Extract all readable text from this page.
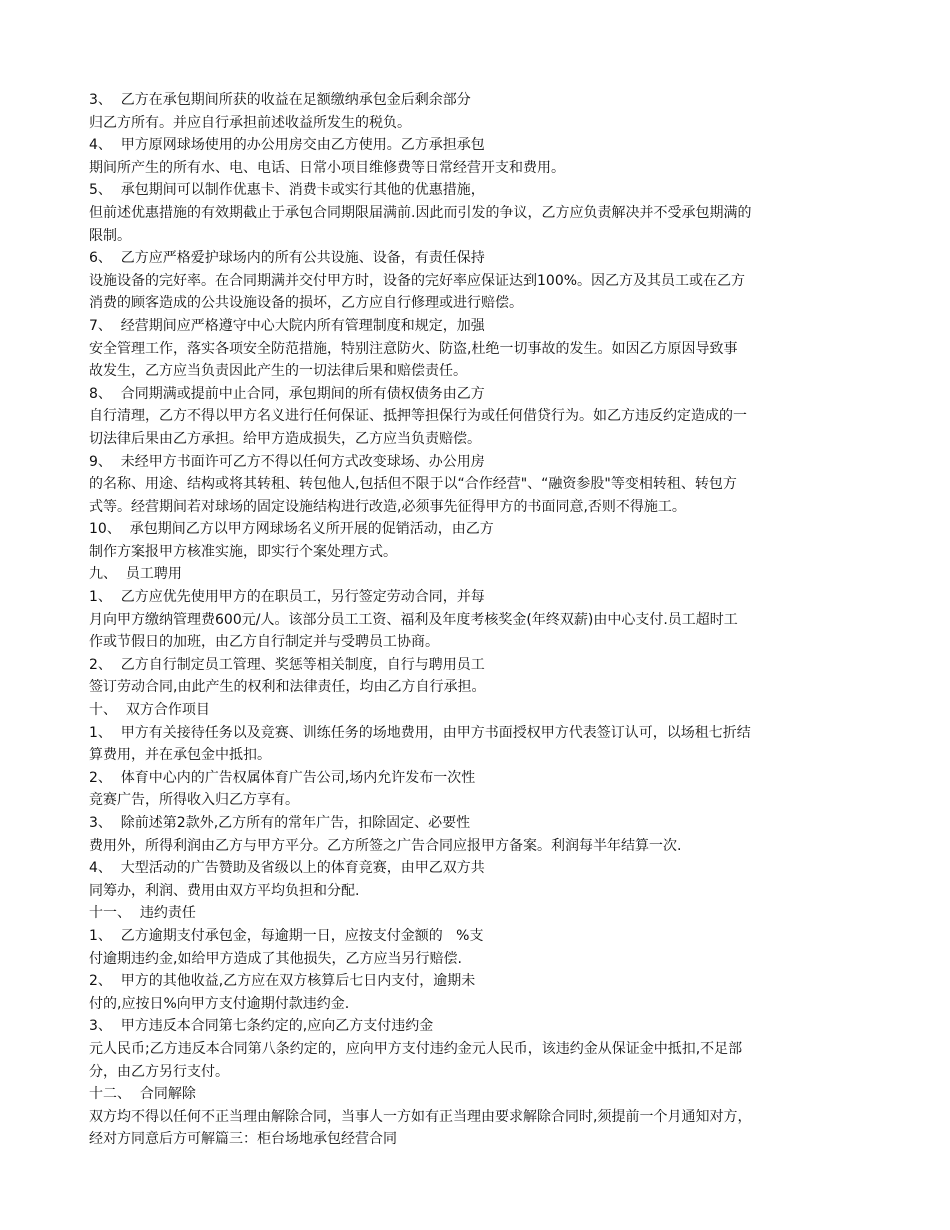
3、  乙方在承包期间所获的收益在足额缴纳承包金后剩余部分

归乙方所有。并应自行承担前述收益所发生的税负。

4、  甲方原网球场使用的办公用房交由乙方使用。乙方承担承包

期间所产生的所有水、电、电话、日常小项目维修费等日常经营开支和费用。

5、  承包期间可以制作优惠卡、消费卡或实行其他的优惠措施，

但前述优惠措施的有效期截止于承包合同期限届满前.因此而引发的争议，乙方应负责解决并不受承包期满的

限制。

6、  乙方应严格爱护球场内的所有公共设施、设备，有责任保持

设施设备的完好率。在合同期满并交付甲方时，设备的完好率应保证达到100%。因乙方及其员工或在乙方

消费的顾客造成的公共设施设备的损坏，乙方应自行修理或进行赔偿。

7、  经营期间应严格遵守中心大院内所有管理制度和规定，加强

安全管理工作，落实各项安全防范措施，特别注意防火、防盗,杜绝一切事故的发生。如因乙方原因导致事

故发生，乙方应当负责因此产生的一切法律后果和赔偿责任。

8、  合同期满或提前中止合同，承包期间的所有债权债务由乙方

自行清理，乙方不得以甲方名义进行任何保证、抵押等担保行为或任何借贷行为。如乙方违反约定造成的一

切法律后果由乙方承担。给甲方造成损失，乙方应当负责赔偿。

9、  未经甲方书面许可乙方不得以任何方式改变球场、办公用房

的名称、用途、结构或将其转租、转包他人,包括但不限于以“合作经营"、“融资参股"等变相转租、转包方

式等。经营期间若对球场的固定设施结构进行改造,必须事先征得甲方的书面同意,否则不得施工。

10、  承包期间乙方以甲方网球场名义所开展的促销活动，由乙方

制作方案报甲方核准实施，即实行个案处理方式。

九、  员工聘用

1、  乙方应优先使用甲方的在职员工，另行签定劳动合同，并每

月向甲方缴纳管理费600元/人。该部分员工工资、福利及年度考核奖金(年终双薪)由中心支付.员工超时工

作或节假日的加班，由乙方自行制定并与受聘员工协商。

2、  乙方自行制定员工管理、奖惩等相关制度，自行与聘用员工

签订劳动合同,由此产生的权利和法律责任，均由乙方自行承担。

十、  双方合作项目

1、  甲方有关接待任务以及竞赛、训练任务的场地费用，由甲方书面授权甲方代表签订认可，以场租七折结

算费用，并在承包金中抵扣。

2、  体育中心内的广告权属体育广告公司,场内允许发布一次性

竞赛广告，所得收入归乙方享有。

3、  除前述第2款外,乙方所有的常年广告，扣除固定、必要性

费用外，所得利润由乙方与甲方平分。乙方所签之广告合同应报甲方备案。利润每半年结算一次.

4、  大型活动的广告赞助及省级以上的体育竞赛，由甲乙双方共

同筹办，利润、费用由双方平均负担和分配.

十一、  违约责任

1、  乙方逾期支付承包金，每逾期一日，应按支付金额的   %支

付逾期违约金,如给甲方造成了其他损失，乙方应当另行赔偿.

2、  甲方的其他收益,乙方应在双方核算后七日内支付，逾期未

付的,应按日%向甲方支付逾期付款违约金.

3、  甲方违反本合同第七条约定的,应向乙方支付违约金

元人民币;乙方违反本合同第八条约定的，应向甲方支付违约金元人民币，该违约金从保证金中抵扣,不足部

分，由乙方另行支付。

十二、  合同解除

双方均不得以任何不正当理由解除合同，当事人一方如有正当理由要求解除合同时,须提前一个月通知对方，

经对方同意后方可解篇三：柜台场地承包经营合同
